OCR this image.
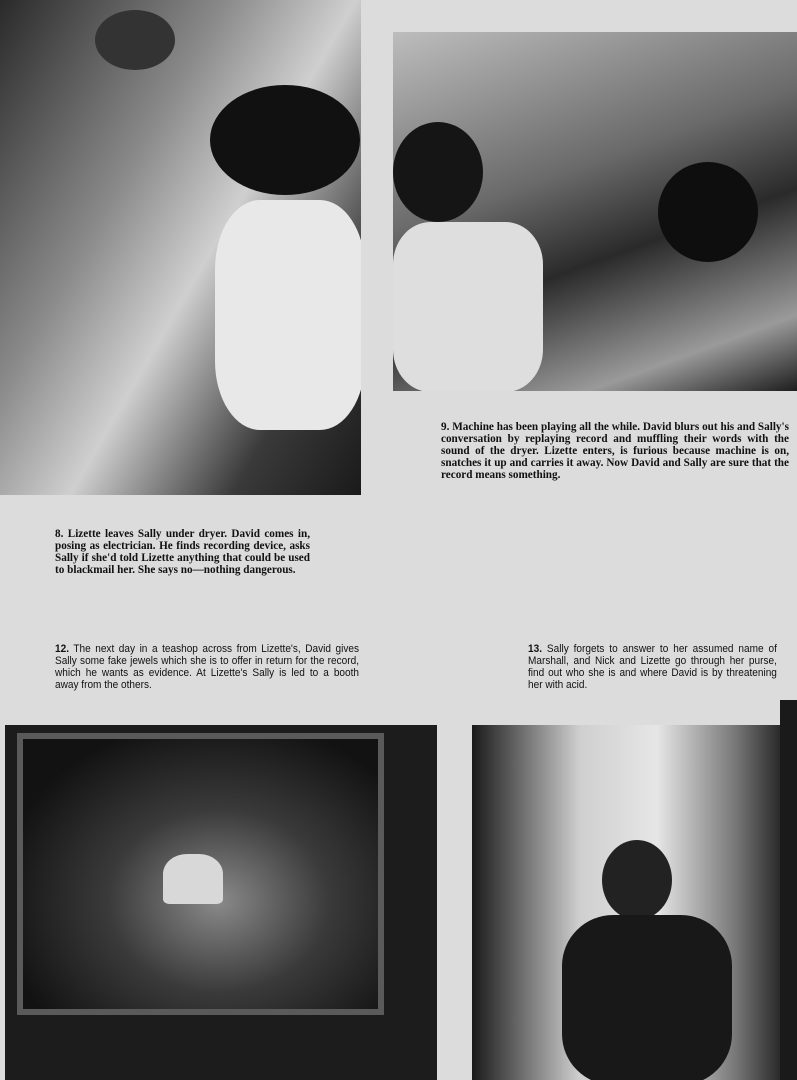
9. Machine has been playing all the while. David blurs out his and Sally's conversation by replaying record and muffling their words with the sound of the dryer. Lizette enters, is furious because machine is on, snatches it up and carries it away. Now David and Sally are sure that the record means something.
8. Lizette leaves Sally under dryer. David comes in, posing as electrician. He finds recording device, asks Sally if she'd told Lizette anything that could be used to blackmail her. She says no—nothing dangerous.
12. The next day in a teashop across from Lizette's, David gives Sally some fake jewels which she is to offer in return for the record, which he wants as evidence. At Lizette's Sally is led to a booth away from the others.
13. Sally forgets to answer to her assumed name of Marshall, and Nick and Lizette go through her purse, find out who she is and where David is by threatening her with acid.
